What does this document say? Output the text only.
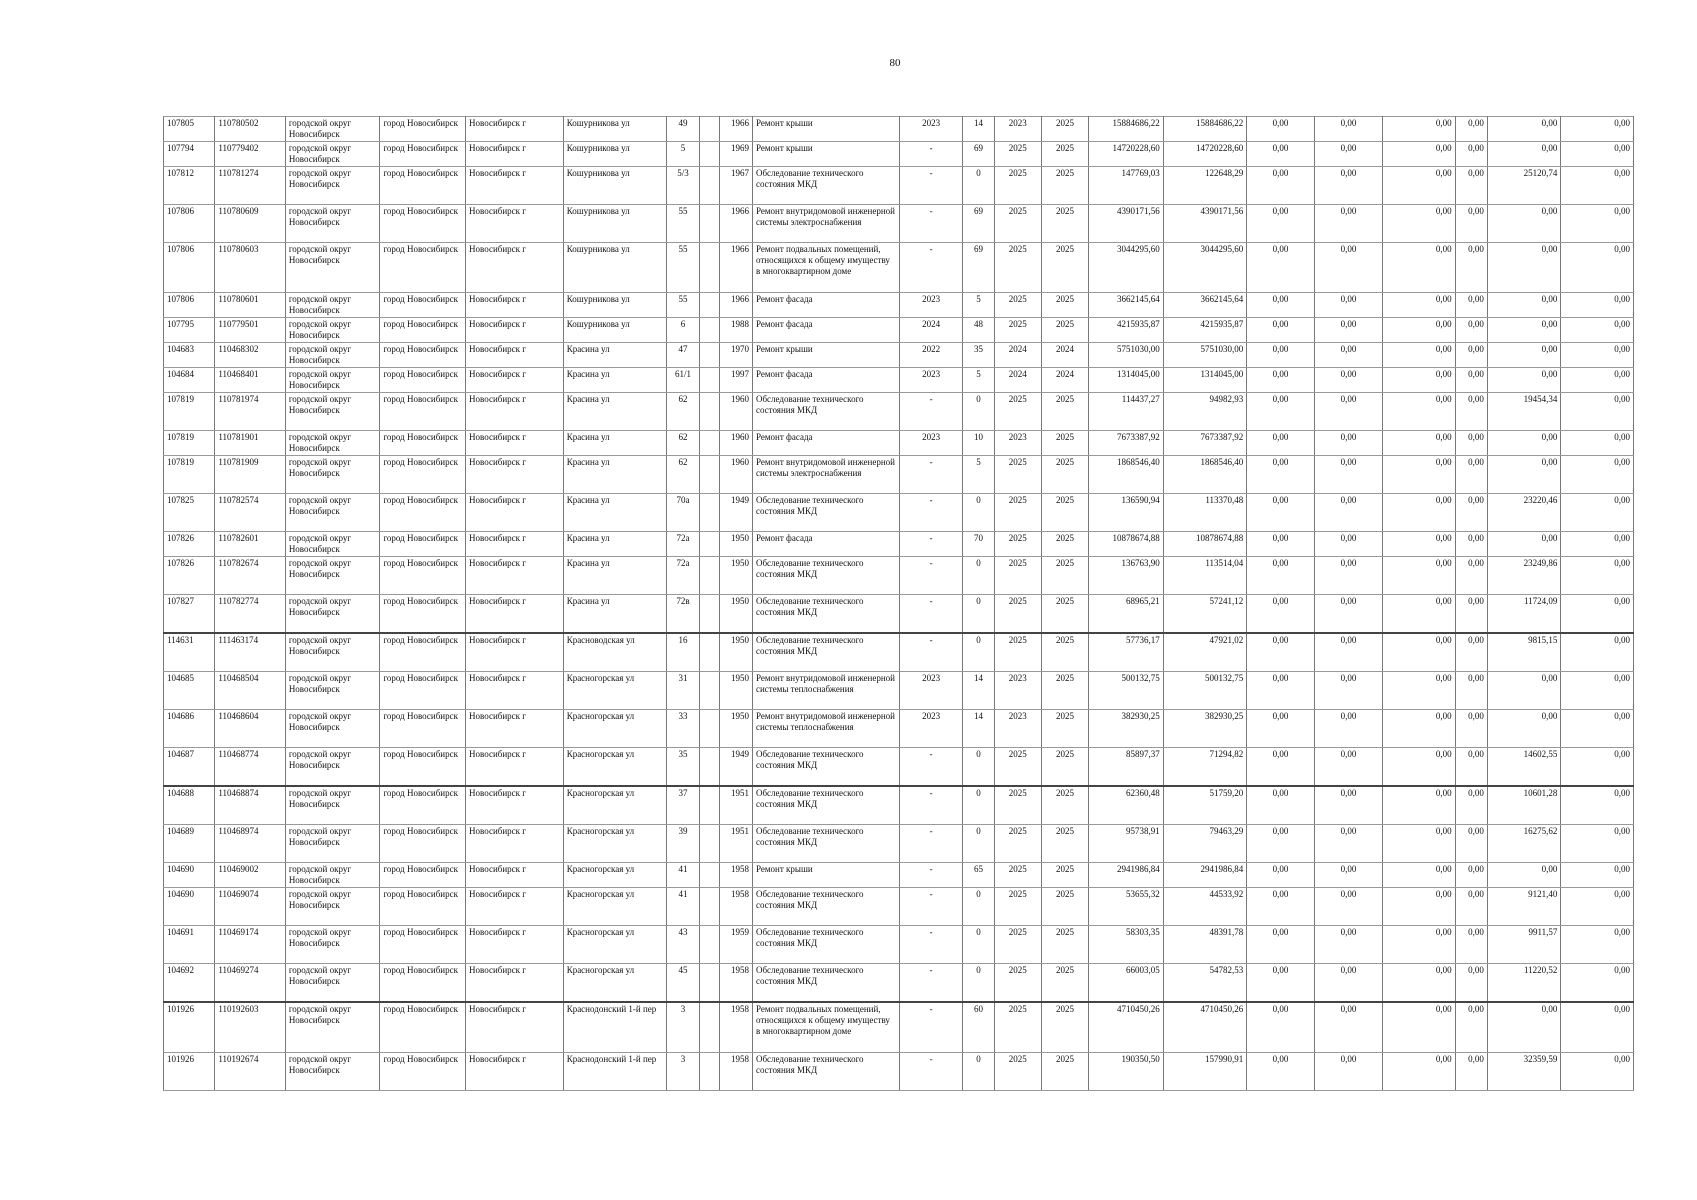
80
107805	110780502	городской округ Новосибирск	город Новосибирск	Новосибирск г	Кошурникова ул	49		1966	Ремонт крыши	2023	14	2023	2025	15884686,22	15884686,22	0,00	0,00	0,00	0,00	0,00	0,00
107794	110779402	городской округ Новосибирск	город Новосибирск	Новосибирск г	Кошурникова ул	5		1969	Ремонт крыши	-	69	2025	2025	14720228,60	14720228,60	0,00	0,00	0,00	0,00	0,00	0,00
107812	110781274	городской округ Новосибирск	город Новосибирск	Новосибирск г	Кошурникова ул	5/3		1967	Обследование технического состояния МКД	-	0	2025	2025	147769,03	122648,29	0,00	0,00	0,00	0,00	25120,74	0,00
107806	110780609	городской округ Новосибирск	город Новосибирск	Новосибирск г	Кошурникова ул	55		1966	Ремонт внутридомовой инженерной системы электроснабжения	-	69	2025	2025	4390171,56	4390171,56	0,00	0,00	0,00	0,00	0,00	0,00
107806	110780603	городской округ Новосибирск	город Новосибирск	Новосибирск г	Кошурникова ул	55		1966	Ремонт подвальных помещений, относящихся к общему имуществу в многоквартирном доме	-	69	2025	2025	3044295,60	3044295,60	0,00	0,00	0,00	0,00	0,00	0,00
107806	110780601	городской округ Новосибирск	город Новосибирск	Новосибирск г	Кошурникова ул	55		1966	Ремонт фасада	2023	5	2025	2025	3662145,64	3662145,64	0,00	0,00	0,00	0,00	0,00	0,00
107795	110779501	городской округ Новосибирск	город Новосибирск	Новосибирск г	Кошурникова ул	6		1988	Ремонт фасада	2024	48	2025	2025	4215935,87	4215935,87	0,00	0,00	0,00	0,00	0,00	0,00
104683	110468302	городской округ Новосибирск	город Новосибирск	Новосибирск г	Красина ул	47		1970	Ремонт крыши	2022	35	2024	2024	5751030,00	5751030,00	0,00	0,00	0,00	0,00	0,00	0,00
104684	110468401	городской округ Новосибирск	город Новосибирск	Новосибирск г	Красина ул	61/1		1997	Ремонт фасада	2023	5	2024	2024	1314045,00	1314045,00	0,00	0,00	0,00	0,00	0,00	0,00
107819	110781974	городской округ Новосибирск	город Новосибирск	Новосибирск г	Красина ул	62		1960	Обследование технического состояния МКД	-	0	2025	2025	114437,27	94982,93	0,00	0,00	0,00	0,00	19454,34	0,00
107819	110781901	городской округ Новосибирск	город Новосибирск	Новосибирск г	Красина ул	62		1960	Ремонт фасада	2023	10	2023	2025	7673387,92	7673387,92	0,00	0,00	0,00	0,00	0,00	0,00
107819	110781909	городской округ Новосибирск	город Новосибирск	Новосибирск г	Красина ул	62		1960	Ремонт внутридомовой инженерной системы электроснабжения	-	5	2025	2025	1868546,40	1868546,40	0,00	0,00	0,00	0,00	0,00	0,00
107825	110782574	городской округ Новосибирск	город Новосибирск	Новосибирск г	Красина ул	70а		1949	Обследование технического состояния МКД	-	0	2025	2025	136590,94	113370,48	0,00	0,00	0,00	0,00	23220,46	0,00
107826	110782601	городской округ Новосибирск	город Новосибирск	Новосибирск г	Красина ул	72а		1950	Ремонт фасада	-	70	2025	2025	10878674,88	10878674,88	0,00	0,00	0,00	0,00	0,00	0,00
107826	110782674	городской округ Новосибирск	город Новосибирск	Новосибирск г	Красина ул	72а		1950	Обследование технического состояния МКД	-	0	2025	2025	136763,90	113514,04	0,00	0,00	0,00	0,00	23249,86	0,00
107827	110782774	городской округ Новосибирск	город Новосибирск	Новосибирск г	Красина ул	72в		1950	Обследование технического состояния МКД	-	0	2025	2025	68965,21	57241,12	0,00	0,00	0,00	0,00	11724,09	0,00
114631	111463174	городской округ Новосибирск	город Новосибирск	Новосибирск г	Красноводская ул	16		1950	Обследование технического состояния МКД	-	0	2025	2025	57736,17	47921,02	0,00	0,00	0,00	0,00	9815,15	0,00
104685	110468504	городской округ Новосибирск	город Новосибирск	Новосибирск г	Красногорская ул	31		1950	Ремонт внутридомовой инженерной системы теплоснабжения	2023	14	2023	2025	500132,75	500132,75	0,00	0,00	0,00	0,00	0,00	0,00
104686	110468604	городской округ Новосибирск	город Новосибирск	Новосибирск г	Красногорская ул	33		1950	Ремонт внутридомовой инженерной системы теплоснабжения	2023	14	2023	2025	382930,25	382930,25	0,00	0,00	0,00	0,00	0,00	0,00
104687	110468774	городской округ Новосибирск	город Новосибирск	Новосибирск г	Красногорская ул	35		1949	Обследование технического состояния МКД	-	0	2025	2025	85897,37	71294,82	0,00	0,00	0,00	0,00	14602,55	0,00
104688	110468874	городской округ Новосибирск	город Новосибирск	Новосибирск г	Красногорская ул	37		1951	Обследование технического состояния МКД	-	0	2025	2025	62360,48	51759,20	0,00	0,00	0,00	0,00	10601,28	0,00
104689	110468974	городской округ Новосибирск	город Новосибирск	Новосибирск г	Красногорская ул	39		1951	Обследование технического состояния МКД	-	0	2025	2025	95738,91	79463,29	0,00	0,00	0,00	0,00	16275,62	0,00
104690	110469002	городской округ Новосибирск	город Новосибирск	Новосибирск г	Красногорская ул	41		1958	Ремонт крыши	-	65	2025	2025	2941986,84	2941986,84	0,00	0,00	0,00	0,00	0,00	0,00
104690	110469074	городской округ Новосибирск	город Новосибирск	Новосибирск г	Красногорская ул	41		1958	Обследование технического состояния МКД	-	0	2025	2025	53655,32	44533,92	0,00	0,00	0,00	0,00	9121,40	0,00
104691	110469174	городской округ Новосибирск	город Новосибирск	Новосибирск г	Красногорская ул	43		1959	Обследование технического состояния МКД	-	0	2025	2025	58303,35	48391,78	0,00	0,00	0,00	0,00	9911,57	0,00
104692	110469274	городской округ Новосибирск	город Новосибирск	Новосибирск г	Красногорская ул	45		1958	Обследование технического состояния МКД	-	0	2025	2025	66003,05	54782,53	0,00	0,00	0,00	0,00	11220,52	0,00
101926	110192603	городской округ Новосибирск	город Новосибирск	Новосибирск г	Краснодонский 1-й пер	3		1958	Ремонт подвальных помещений, относящихся к общему имуществу в многоквартирном доме	-	60	2025	2025	4710450,26	4710450,26	0,00	0,00	0,00	0,00	0,00	0,00
101926	110192674	городской округ Новосибирск	город Новосибирск	Новосибирск г	Краснодонский 1-й пер	3		1958	Обследование технического состояния МКД	-	0	2025	2025	190350,50	157990,91	0,00	0,00	0,00	0,00	32359,59	0,00
